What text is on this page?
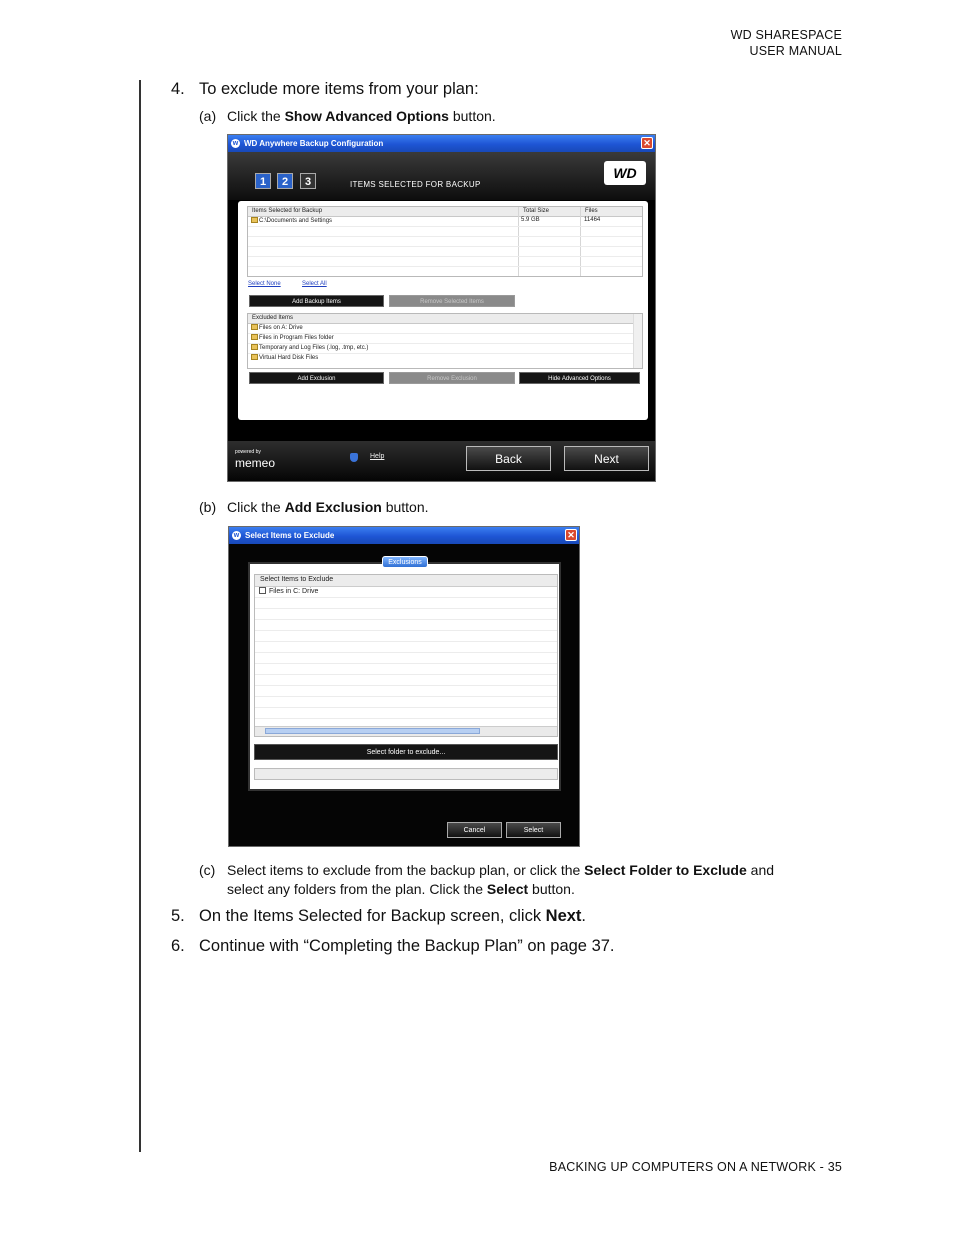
WD SHARESPACE
USER MANUAL
4. To exclude more items from your plan:
(a) Click the Show Advanced Options button.
w WD Anywhere Backup Configuration	✕
1	2	3	ITEMS SELECTED FOR BACKUP
WD
Items Selected for Backup	Total Size	Files
C:\Documents and Settings	5.9 GB	11464
Select None	Select All
Add Backup Items	Remove Selected Items
Excluded Items
Files on A: Drive
Files in Program Files folder
Temporary and Log Files (.log, .tmp, etc.)
Virtual Hard Disk Files
Add Exclusion	Remove Exclusion	Hide Advanced Options
powered by
memeo	Help	Back	Next
(b) Click the Add Exclusion button.
w Select Items to Exclude	✕
Exclusions
Select Items to Exclude
Files in C: Drive
Select folder to exclude...
Cancel	Select
(c) Select items to exclude from the backup plan, or click the Select Folder to Exclude and
select any folders from the plan. Click the Select button.
5. On the Items Selected for Backup screen, click Next.
6. Continue with “Completing the Backup Plan” on page 37.
BACKING UP COMPUTERS ON A NETWORK - 35
